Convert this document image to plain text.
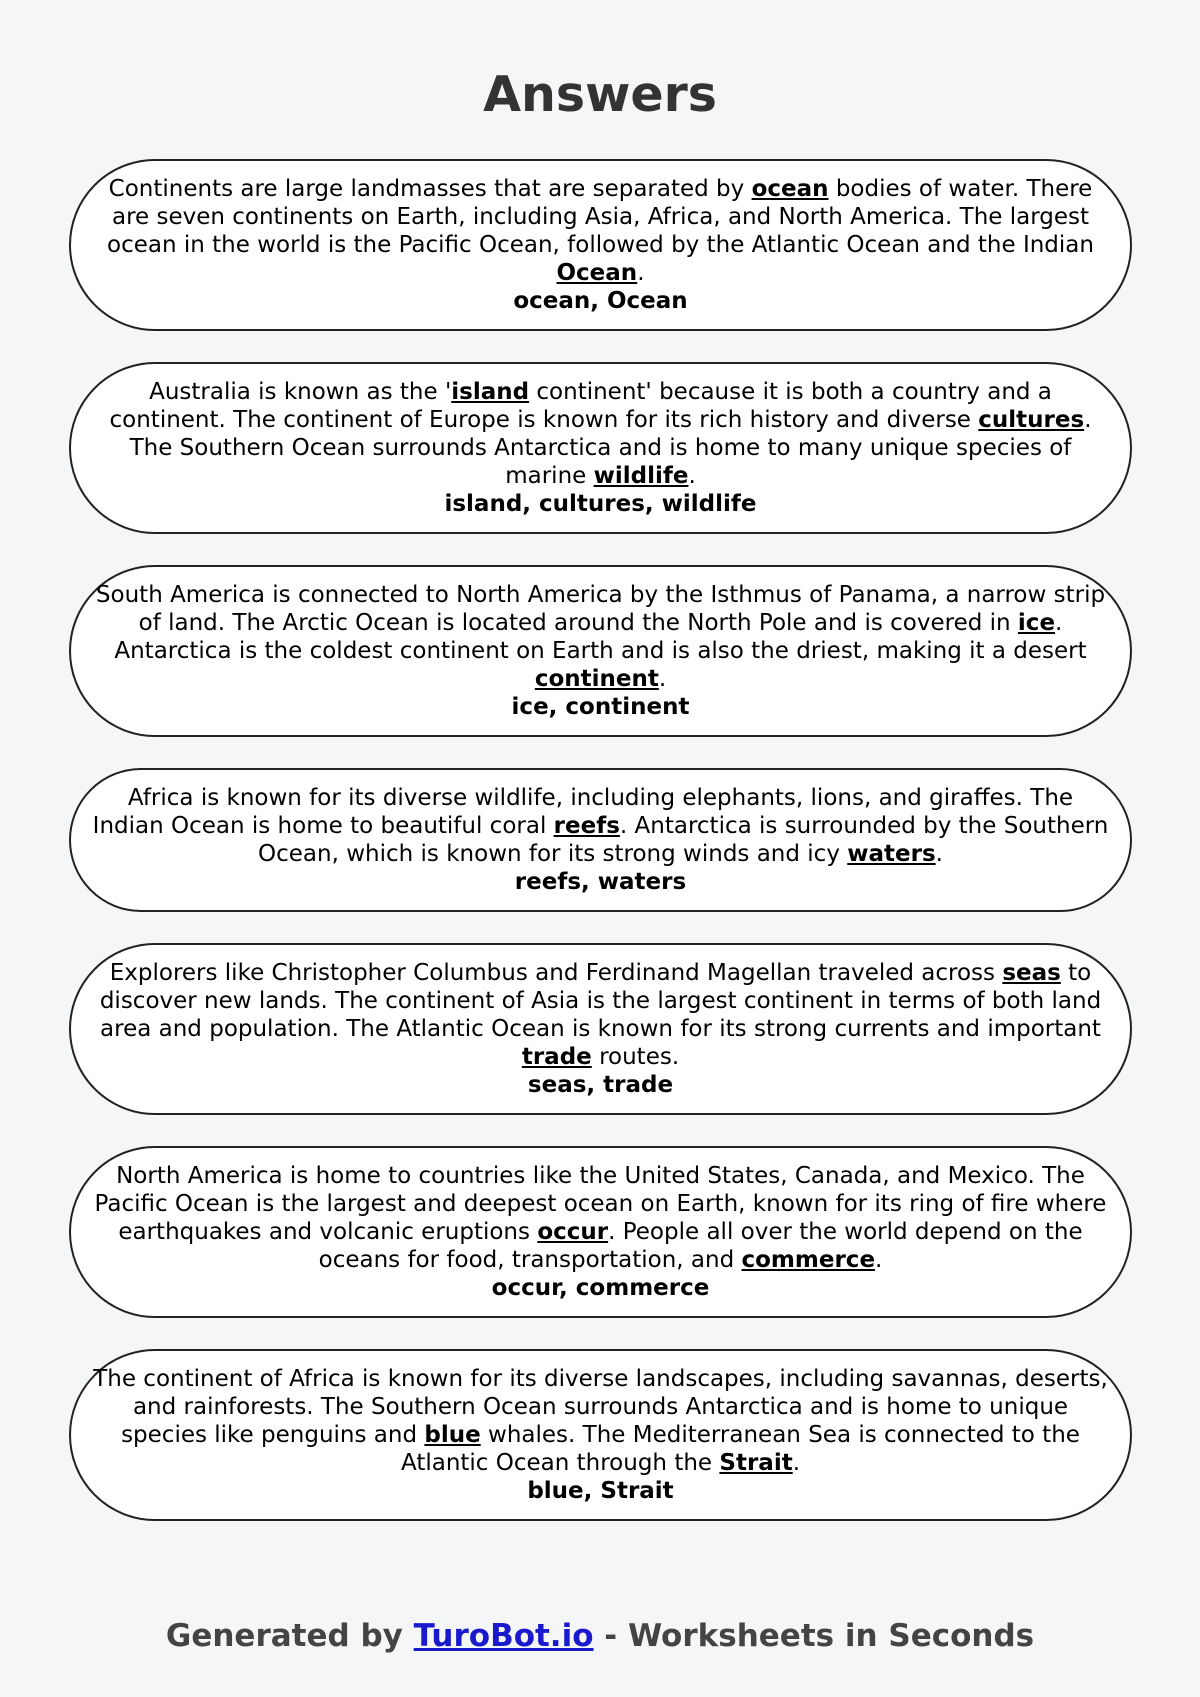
Answers
Continents are large landmasses that are separated by ocean bodies of water. There are seven continents on Earth, including Asia, Africa, and North America. The largest ocean in the world is the Pacific Ocean, followed by the Atlantic Ocean and the Indian Ocean.
ocean, Ocean
Australia is known as the 'island continent' because it is both a country and a continent. The continent of Europe is known for its rich history and diverse cultures. The Southern Ocean surrounds Antarctica and is home to many unique species of marine wildlife.
island, cultures, wildlife
South America is connected to North America by the Isthmus of Panama, a narrow strip of land. The Arctic Ocean is located around the North Pole and is covered in ice. Antarctica is the coldest continent on Earth and is also the driest, making it a desert continent.
ice, continent
Africa is known for its diverse wildlife, including elephants, lions, and giraffes. The Indian Ocean is home to beautiful coral reefs. Antarctica is surrounded by the Southern Ocean, which is known for its strong winds and icy waters.
reefs, waters
Explorers like Christopher Columbus and Ferdinand Magellan traveled across seas to discover new lands. The continent of Asia is the largest continent in terms of both land area and population. The Atlantic Ocean is known for its strong currents and important trade routes.
seas, trade
North America is home to countries like the United States, Canada, and Mexico. The Pacific Ocean is the largest and deepest ocean on Earth, known for its ring of fire where earthquakes and volcanic eruptions occur. People all over the world depend on the oceans for food, transportation, and commerce.
occur, commerce
The continent of Africa is known for its diverse landscapes, including savannas, deserts, and rainforests. The Southern Ocean surrounds Antarctica and is home to unique species like penguins and blue whales. The Mediterranean Sea is connected to the Atlantic Ocean through the Strait.
blue, Strait
Generated by TuroBot.io - Worksheets in Seconds
